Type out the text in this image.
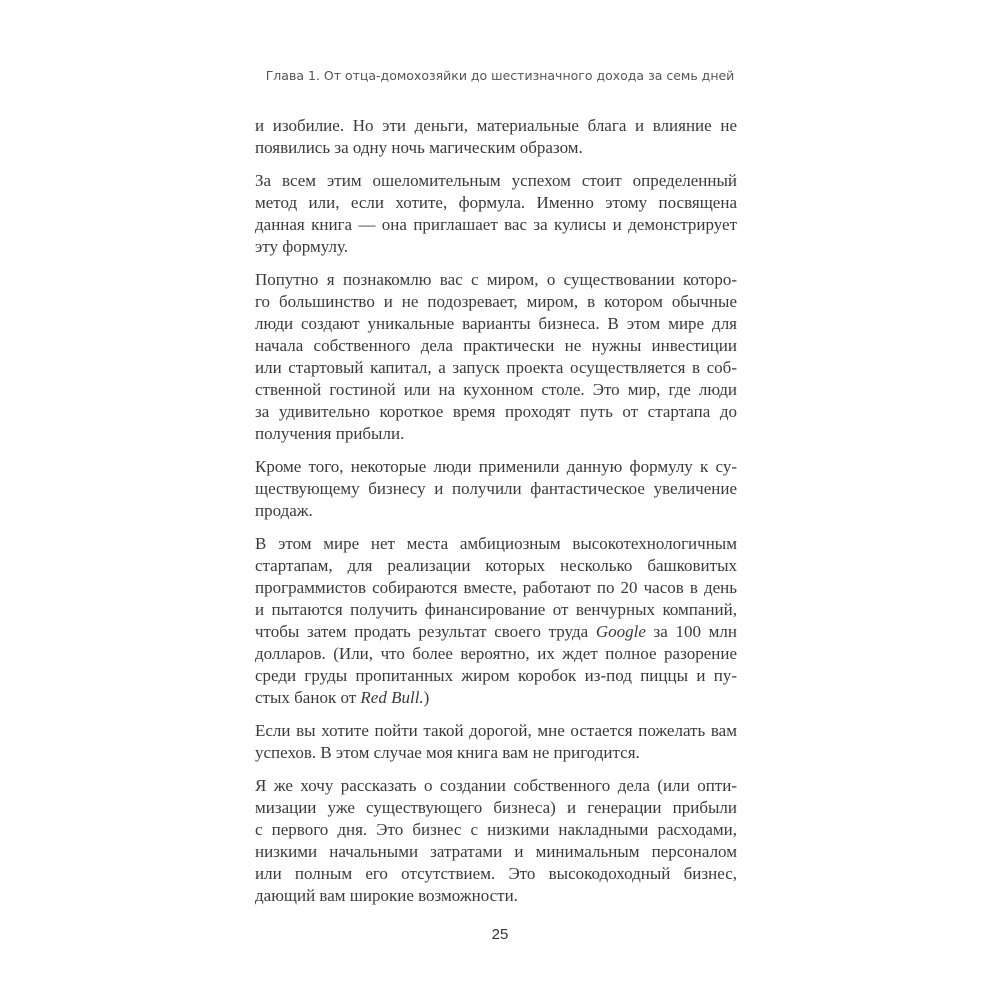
Глава 1. От отца-домохозяйки до шестизначного дохода за семь дней
и изобилие. Но эти деньги, материальные блага и влияние не
появились за одну ночь магическим образом.
За всем этим ошеломительным успехом стоит определенный
метод или, если хотите, формула. Именно этому посвящена
данная книга — она приглашает вас за кулисы и демонстрирует
эту формулу.
Попутно я познакомлю вас с миром, о существовании которо-
го большинство и не подозревает, миром, в котором обычные
люди создают уникальные варианты бизнеса. В этом мире для
начала собственного дела практически не нужны инвестиции
или стартовый капитал, а запуск проекта осуществляется в соб-
ственной гостиной или на кухонном столе. Это мир, где люди
за удивительно короткое время проходят путь от стартапа до
получения прибыли.
Кроме того, некоторые люди применили данную формулу к су-
ществующему бизнесу и получили фантастическое увеличение
продаж.
В этом мире нет места амбициозным высокотехнологичным
стартапам, для реализации которых несколько башковитых
программистов собираются вместе, работают по 20 часов в день
и пытаются получить финансирование от венчурных компаний,
чтобы затем продать результат своего труда Google за 100 млн
долларов. (Или, что более вероятно, их ждет полное разорение
среди груды пропитанных жиром коробок из-под пиццы и пу-
стых банок от Red Bull.)
Если вы хотите пойти такой дорогой, мне остается пожелать вам
успехов. В этом случае моя книга вам не пригодится.
Я же хочу рассказать о создании собственного дела (или опти-
мизации уже существующего бизнеса) и генерации прибыли
с первого дня. Это бизнес с низкими накладными расходами,
низкими начальными затратами и минимальным персоналом
или полным его отсутствием. Это высокодоходный бизнес,
дающий вам широкие возможности.
25
